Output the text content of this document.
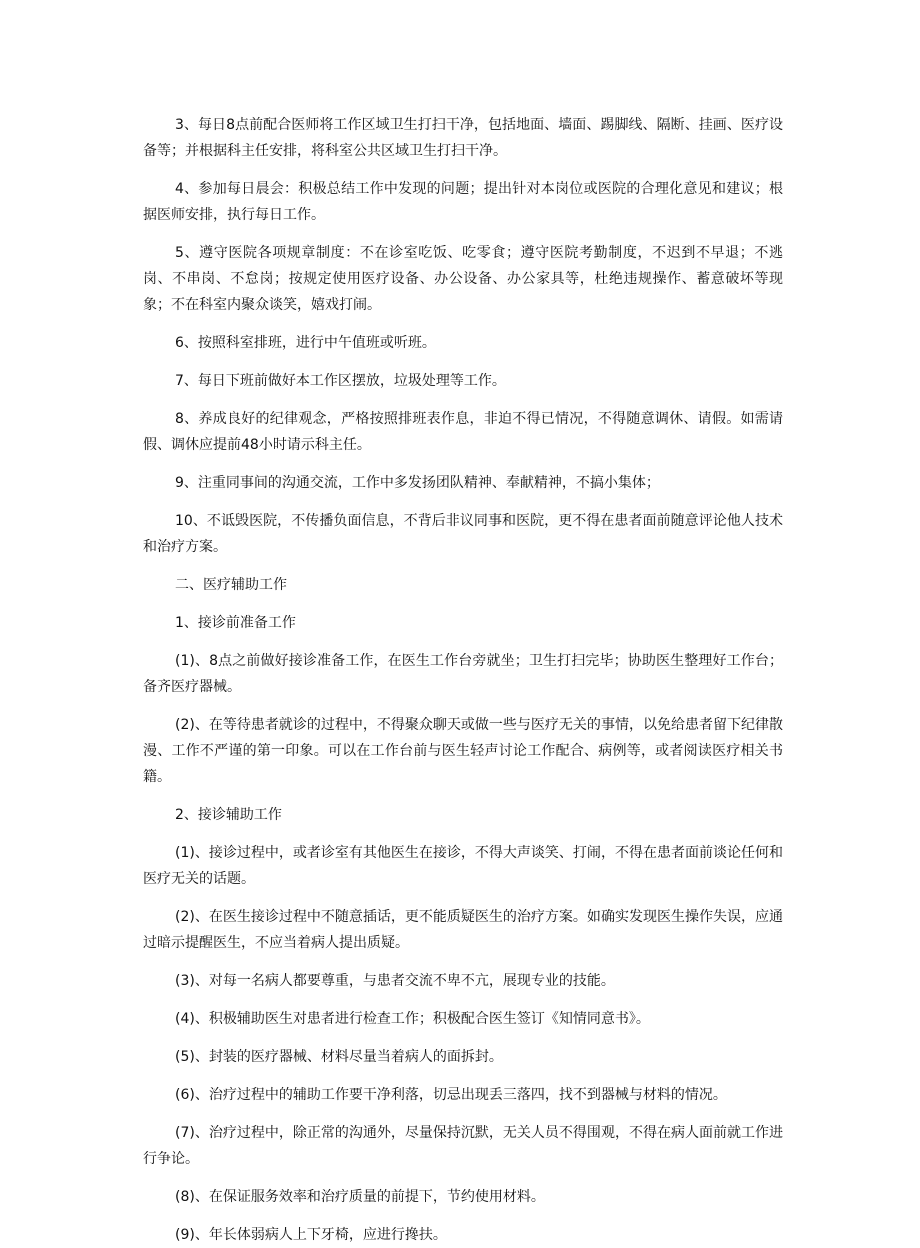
3、每日8点前配合医师将工作区域卫生打扫干净，包括地面、墙面、踢脚线、隔断、挂画、医疗设备等；并根据科主任安排，将科室公共区域卫生打扫干净。

4、参加每日晨会：积极总结工作中发现的问题；提出针对本岗位或医院的合理化意见和建议；根据医师安排，执行每日工作。

5、遵守医院各项规章制度：不在诊室吃饭、吃零食；遵守医院考勤制度，不迟到不早退；不逃岗、不串岗、不怠岗；按规定使用医疗设备、办公设备、办公家具等，杜绝违规操作、蓄意破坏等现象；不在科室内聚众谈笑，嬉戏打闹。

6、按照科室排班，进行中午值班或听班。

7、每日下班前做好本工作区摆放，垃圾处理等工作。

8、养成良好的纪律观念，严格按照排班表作息，非迫不得已情况，不得随意调休、请假。如需请假、调休应提前48小时请示科主任。

9、注重同事间的沟通交流，工作中多发扬团队精神、奉献精神，不搞小集体；

10、不诋毁医院，不传播负面信息，不背后非议同事和医院，更不得在患者面前随意评论他人技术和治疗方案。

二、医疗辅助工作

1、接诊前准备工作

(1)、8点之前做好接诊准备工作，在医生工作台旁就坐；卫生打扫完毕；协助医生整理好工作台；备齐医疗器械。

(2)、在等待患者就诊的过程中，不得聚众聊天或做一些与医疗无关的事情，以免给患者留下纪律散漫、工作不严谨的第一印象。可以在工作台前与医生轻声讨论工作配合、病例等，或者阅读医疗相关书籍。

2、接诊辅助工作

(1)、接诊过程中，或者诊室有其他医生在接诊，不得大声谈笑、打闹，不得在患者面前谈论任何和医疗无关的话题。

(2)、在医生接诊过程中不随意插话，更不能质疑医生的治疗方案。如确实发现医生操作失误，应通过暗示提醒医生，不应当着病人提出质疑。

(3)、对每一名病人都要尊重，与患者交流不卑不亢，展现专业的技能。

(4)、积极辅助医生对患者进行检查工作；积极配合医生签订《知情同意书》。

(5)、封装的医疗器械、材料尽量当着病人的面拆封。

(6)、治疗过程中的辅助工作要干净利落，切忌出现丢三落四，找不到器械与材料的情况。

(7)、治疗过程中，除正常的沟通外，尽量保持沉默，无关人员不得围观，不得在病人面前就工作进行争论。

(8)、在保证服务效率和治疗质量的前提下，节约使用材料。

(9)、年长体弱病人上下牙椅，应进行搀扶。
